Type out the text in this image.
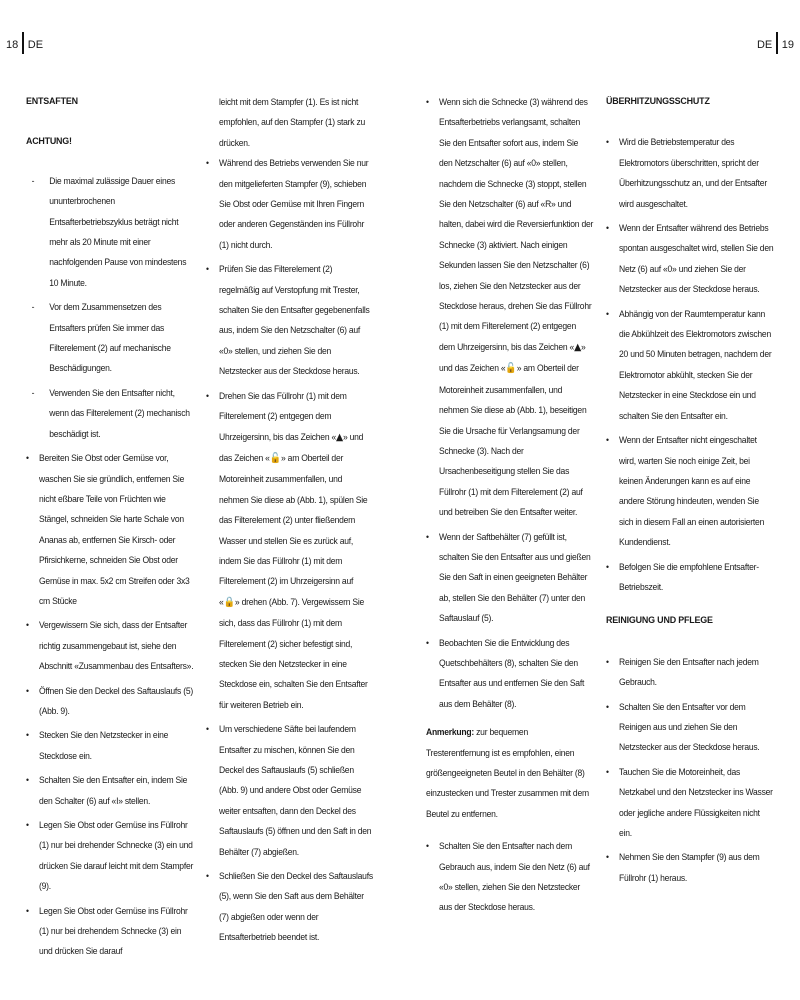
18 DE	DE 19
ENTSAFTEN
ACHTUNG!
- Die maximal zulässige Dauer eines ununterbrochenen Entsafterbetriebszyklus beträgt nicht mehr als 20 Minute mit einer nachfolgenden Pause von mindestens 10 Minute.
- Vor dem Zusammensetzen des Entsafters prüfen Sie immer das Filterelement (2) auf mechanische Beschädigungen.
- Verwenden Sie den Entsafter nicht, wenn das Filterelement (2) mechanisch beschädigt ist.
• Bereiten Sie Obst oder Gemüse vor, waschen Sie sie gründlich, entfernen Sie nicht eßbare Teile von Früchten wie Stängel, schneiden Sie harte Schale von Ananas ab, entfernen Sie Kirsch- oder Pfirsichkerne, schneiden Sie Obst oder Gemüse in max. 5x2 cm Streifen oder 3x3 cm Stücke
• Vergewissern Sie sich, dass der Entsafter richtig zusammengebaut ist, siehe den Abschnitt «Zusammenbau des Entsafters».
• Öffnen Sie den Deckel des Saftauslaufs (5) (Abb. 9).
• Stecken Sie den Netzstecker in eine Steckdose ein.
• Schalten Sie den Entsafter ein, indem Sie den Schalter (6) auf «I» stellen.
• Legen Sie Obst oder Gemüse ins Füllrohr (1) nur bei drehender Schnecke (3) ein und drücken Sie darauf leicht mit dem Stampfer (9).
• Legen Sie Obst oder Gemüse ins Füllrohr (1) nur bei drehendem Schnecke (3) ein und drücken Sie darauf
leicht mit dem Stampfer (1). Es ist nicht empfohlen, auf den Stampfer (1) stark zu drücken.
• Während des Betriebs verwenden Sie nur den mitgelieferten Stampfer (9), schieben Sie Obst oder Gemüse mit Ihren Fingern oder anderen Gegenständen ins Füllrohr (1) nicht durch.
• Prüfen Sie das Filterelement (2) regelmäßig auf Verstopfung mit Trester, schalten Sie den Entsafter gegebenenfalls aus, indem Sie den Netzschalter (6) auf «0» stellen, und ziehen Sie den Netzstecker aus der Steckdose heraus.
• Drehen Sie das Füllrohr (1) mit dem Filterelement (2) entgegen dem Uhrzeigersinn, bis das Zeichen «▲» und das Zeichen «🔓» am Oberteil der Motoreinheit zusammenfallen, und nehmen Sie diese ab (Abb. 1), spülen Sie das Filterelement (2) unter fließendem Wasser und stellen Sie es zurück auf, indem Sie das Füllrohr (1) mit dem Filterelement (2) im Uhrzeigersinn auf «🔒» drehen (Abb. 7). Vergewissern Sie sich, dass das Füllrohr (1) mit dem Filterelement (2) sicher befestigt sind, stecken Sie den Netzstecker in eine Steckdose ein, schalten Sie den Entsafter für weiteren Betrieb ein.
• Um verschiedene Säfte bei laufendem Entsafter zu mischen, können Sie den Deckel des Saftauslaufs (5) schließen (Abb. 9) und andere Obst oder Gemüse weiter entsaften, dann den Deckel des Saftauslaufs (5) öffnen und den Saft in den Behälter (7) abgießen.
• Schließen Sie den Deckel des Saftauslaufs (5), wenn Sie den Saft aus dem Behälter (7) abgießen oder wenn der Entsafterbetrieb beendet ist.
• Wenn sich die Schnecke (3) während des Entsafterbetriebs verlangsamt, schalten Sie den Entsafter sofort aus, indem Sie den Netzschalter (6) auf «0» stellen, nachdem die Schnecke (3) stoppt, stellen Sie den Netzschalter (6) auf «R» und halten, dabei wird die Reversierfunktion der Schnecke (3) aktiviert. Nach einigen Sekunden lassen Sie den Netzschalter (6) los, ziehen Sie den Netzstecker aus der Steckdose heraus, drehen Sie das Füllrohr (1) mit dem Filterelement (2) entgegen dem Uhrzeigersinn, bis das Zeichen «▲» und das Zeichen «🔓» am Oberteil der Motoreinheit zusammenfallen, und nehmen Sie diese ab (Abb. 1), beseitigen Sie die Ursache für Verlangsamung der Schnecke (3). Nach der Ursachenbeseitigung stellen Sie das Füllrohr (1) mit dem Filterelement (2) auf und betreiben Sie den Entsafter weiter.
• Wenn der Saftbehälter (7) gefüllt ist, schalten Sie den Entsafter aus und gießen Sie den Saft in einen geeigneten Behälter ab, stellen Sie den Behälter (7) unter den Saftauslauf (5).
• Beobachten Sie die Entwicklung des Quetschbehälters (8), schalten Sie den Entsafter aus und entfernen Sie den Saft aus dem Behälter (8).
Anmerkung: zur bequemen Tresterentfernung ist es empfohlen, einen größengeeigneten Beutel in den Behälter (8) einzustecken und Trester zusammen mit dem Beutel zu entfernen.
• Schalten Sie den Entsafter nach dem Gebrauch aus, indem Sie den Netz (6) auf «0» stellen, ziehen Sie den Netzstecker aus der Steckdose heraus.
ÜBERHITZUNGSSCHUTZ
• Wird die Betriebstemperatur des Elektromotors überschritten, spricht der Überhitzungsschutz an, und der Entsafter wird ausgeschaltet.
• Wenn der Entsafter während des Betriebs spontan ausgeschaltet wird, stellen Sie den Netz (6) auf «0» und ziehen Sie der Netzstecker aus der Steckdose heraus.
• Abhängig von der Raumtemperatur kann die Abkühlzeit des Elektromotors zwischen 20 und 50 Minuten betragen, nachdem der Elektromotor abkühlt, stecken Sie der Netzstecker in eine Steckdose ein und schalten Sie den Entsafter ein.
• Wenn der Entsafter nicht eingeschaltet wird, warten Sie noch einige Zeit, bei keinen Änderungen kann es auf eine andere Störung hindeuten, wenden Sie sich in diesem Fall an einen autorisierten Kundendienst.
• Befolgen Sie die empfohlene Entsafter-Betriebszeit.
REINIGUNG UND PFLEGE
• Reinigen Sie den Entsafter nach jedem Gebrauch.
• Schalten Sie den Entsafter vor dem Reinigen aus und ziehen Sie den Netzstecker aus der Steckdose heraus.
• Tauchen Sie die Motoreinheit, das Netzkabel und den Netzstecker ins Wasser oder jegliche andere Flüssigkeiten nicht ein.
• Nehmen Sie den Stampfer (9) aus dem Füllrohr (1) heraus.
